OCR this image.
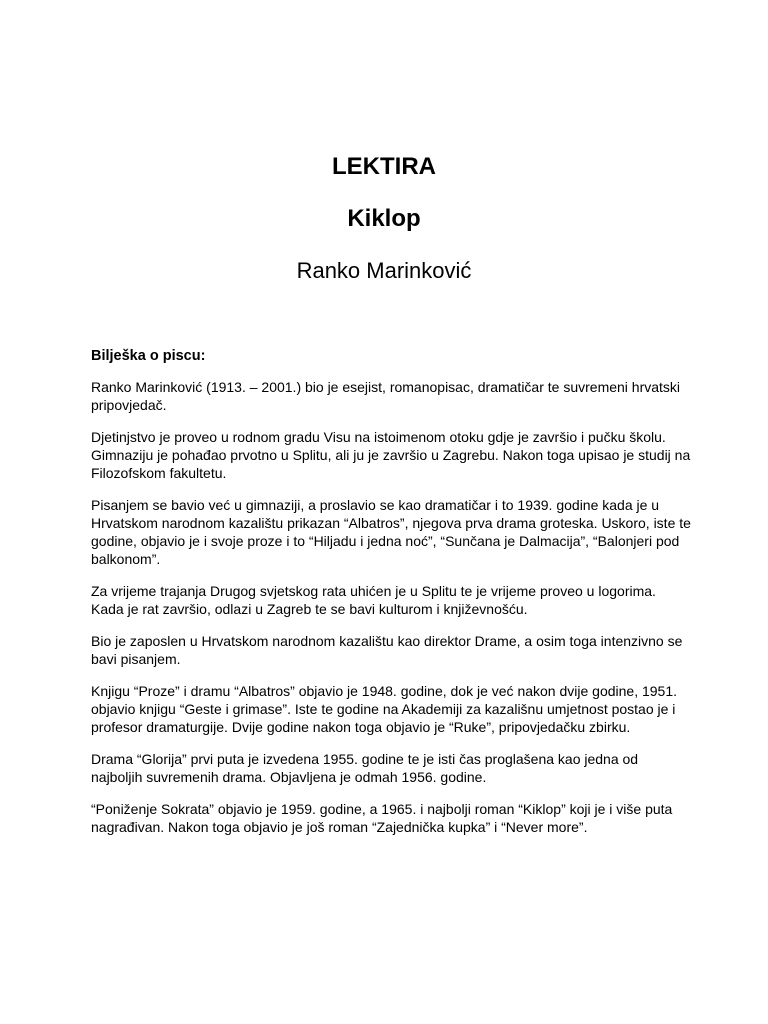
LEKTIRA
Kiklop
Ranko Marinković
Bilješka o piscu:

Ranko Marinković (1913. – 2001.) bio je esejist, romanopisac, dramatičar te suvremeni hrvatski pripovjedač.

Djetinjstvo je proveo u rodnom gradu Visu na istoimenom otoku gdje je završio i pučku školu. Gimnaziju je pohađao prvotno u Splitu, ali ju je završio u Zagrebu. Nakon toga upisao je studij na Filozofskom fakultetu.

Pisanjem se bavio već u gimnaziji, a proslavio se kao dramatičar i to 1939. godine kada je u Hrvatskom narodnom kazalištu prikazan “Albatros”, njegova prva drama groteska. Uskoro, iste te godine, objavio je i svoje proze i to “Hiljadu i jedna noć”, “Sunčana je Dalmacija”, “Balonjeri pod balkonom”.

Za vrijeme trajanja Drugog svjetskog rata uhićen je u Splitu te je vrijeme proveo u logorima. Kada je rat završio, odlazi u Zagreb te se bavi kulturom i književnošću.

Bio je zaposlen u Hrvatskom narodnom kazalištu kao direktor Drame, a osim toga intenzivno se bavi pisanjem.

Knjigu “Proze” i dramu “Albatros” objavio je 1948. godine, dok je već nakon dvije godine, 1951. objavio knjigu “Geste i grimase”. Iste te godine na Akademiji za kazališnu umjetnost postao je i profesor dramaturgije. Dvije godine nakon toga objavio je “Ruke”, pripovjedačku zbirku.

Drama “Glorija” prvi puta je izvedena 1955. godine te je isti čas proglašena kao jedna od najboljih suvremenih drama. Objavljena je odmah 1956. godine.

“Poniženje Sokrata” objavio je 1959. godine, a 1965. i najbolji roman “Kiklop” koji je i više puta nagrađivan. Nakon toga objavio je još roman “Zajednička kupka” i “Never more”.
